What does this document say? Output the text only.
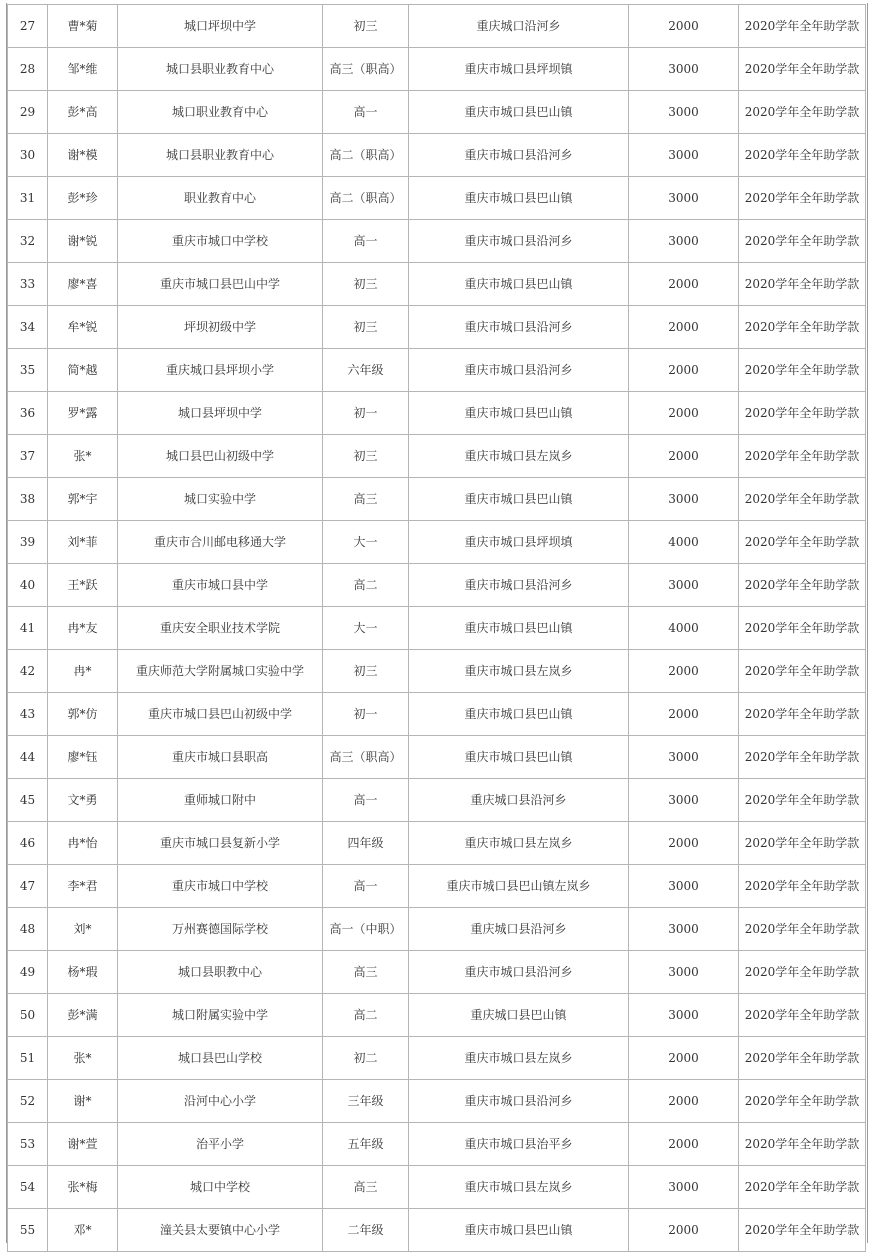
27	曹*菊	城口坪坝中学	初三	重庆城口沿河乡	2000	2020学年全年助学款
28	邹*维	城口县职业教育中心	高三（职高）	重庆市城口县坪坝镇	3000	2020学年全年助学款
29	彭*高	城口职业教育中心	高一	重庆市城口县巴山镇	3000	2020学年全年助学款
30	谢*模	城口县职业教育中心	高二（职高）	重庆市城口县沿河乡	3000	2020学年全年助学款
31	彭*珍	职业教育中心	高二（职高）	重庆市城口县巴山镇	3000	2020学年全年助学款
32	谢*锐	重庆市城口中学校	高一	重庆市城口县沿河乡	3000	2020学年全年助学款
33	廖*喜	重庆市城口县巴山中学	初三	重庆市城口县巴山镇	2000	2020学年全年助学款
34	牟*锐	坪坝初级中学	初三	重庆市城口县沿河乡	2000	2020学年全年助学款
35	简*越	重庆城口县坪坝小学	六年级	重庆市城口县沿河乡	2000	2020学年全年助学款
36	罗*露	城口县坪坝中学	初一	重庆市城口县巴山镇	2000	2020学年全年助学款
37	张*	城口县巴山初级中学	初三	重庆市城口县左岚乡	2000	2020学年全年助学款
38	郭*宇	城口实验中学	高三	重庆市城口县巴山镇	3000	2020学年全年助学款
39	刘*菲	重庆市合川邮电移通大学	大一	重庆市城口县坪坝填	4000	2020学年全年助学款
40	王*跃	重庆市城口县中学	高二	重庆市城口县沿河乡	3000	2020学年全年助学款
41	冉*友	重庆安全职业技术学院	大一	重庆市城口县巴山镇	4000	2020学年全年助学款
42	冉*	重庆师范大学附属城口实验中学	初三	重庆市城口县左岚乡	2000	2020学年全年助学款
43	郭*仿	重庆市城口县巴山初级中学	初一	重庆市城口县巴山镇	2000	2020学年全年助学款
44	廖*钰	重庆市城口县职高	高三（职高）	重庆市城口县巴山镇	3000	2020学年全年助学款
45	文*勇	重师城口附中	高一	重庆城口县沿河乡	3000	2020学年全年助学款
46	冉*怡	重庆市城口县复新小学	四年级	重庆市城口县左岚乡	2000	2020学年全年助学款
47	李*君	重庆市城口中学校	高一	重庆市城口县巴山镇左岚乡	3000	2020学年全年助学款
48	刘*	万州赛德国际学校	高一（中职）	重庆城口县沿河乡	3000	2020学年全年助学款
49	杨*瑕	城口县职教中心	高三	重庆市城口县沿河乡	3000	2020学年全年助学款
50	彭*满	城口附属实验中学	高二	重庆城口县巴山镇	3000	2020学年全年助学款
51	张*	城口县巴山学校	初二	重庆市城口县左岚乡	2000	2020学年全年助学款
52	谢*	沿河中心小学	三年级	重庆市城口县沿河乡	2000	2020学年全年助学款
53	谢*萱	治平小学	五年级	重庆市城口县治平乡	2000	2020学年全年助学款
54	张*梅	城口中学校	高三	重庆市城口县左岚乡	3000	2020学年全年助学款
55	邓*	潼关县太要镇中心小学	二年级	重庆市城口县巴山镇	2000	2020学年全年助学款
